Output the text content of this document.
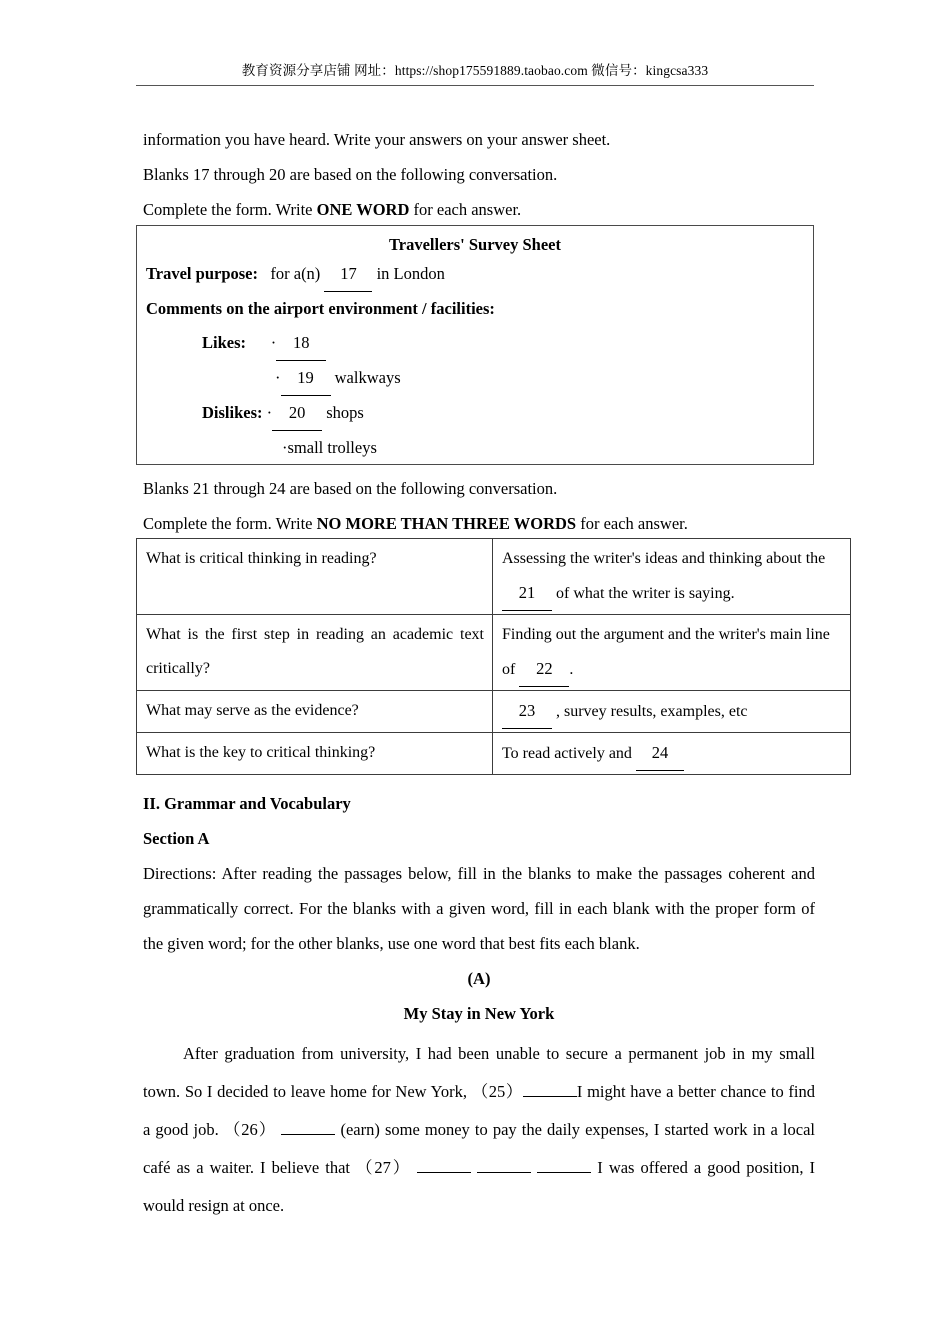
教育资源分享店铺 网址：https://shop175591889.taobao.com 微信号：kingcsa333

information you have heard. Write your answers on your answer sheet.

Blanks 17 through 20 are based on the following conversation.

Complete the form. Write ONE WORD for each answer.

Travellers' Survey Sheet
Travel purpose: for a(n) 17 in London
Comments on the airport environment / facilities:
Likes: · 18
· 19 walkways
Dislikes: · 20 shops
·small trolleys

Blanks 21 through 24 are based on the following conversation.

Complete the form. Write NO MORE THAN THREE WORDS for each answer.

What is critical thinking in reading?	Assessing the writer's ideas and thinking about the 21 of what the writer is saying.
What is the first step in reading an academic text critically?	Finding out the argument and the writer's main line of 22 .
What may serve as the evidence?	23 , survey results, examples, etc
What is the key to critical thinking?	To read actively and 24
II. Grammar and Vocabulary
Section A
Directions: After reading the passages below, fill in the blanks to make the passages coherent and grammatically correct. For the blanks with a given word, fill in each blank with the proper form of the given word; for the other blanks, use one word that best fits each blank.
(A)
My Stay in New York
After graduation from university, I had been unable to secure a permanent job in my small town. So I decided to leave home for New York, （25）	I might have a better chance to find a good job. （26）	(earn) some money to pay the daily expenses, I started work in a local café as a waiter. I believe that （27）	I was offered a good position, I would resign at once.
